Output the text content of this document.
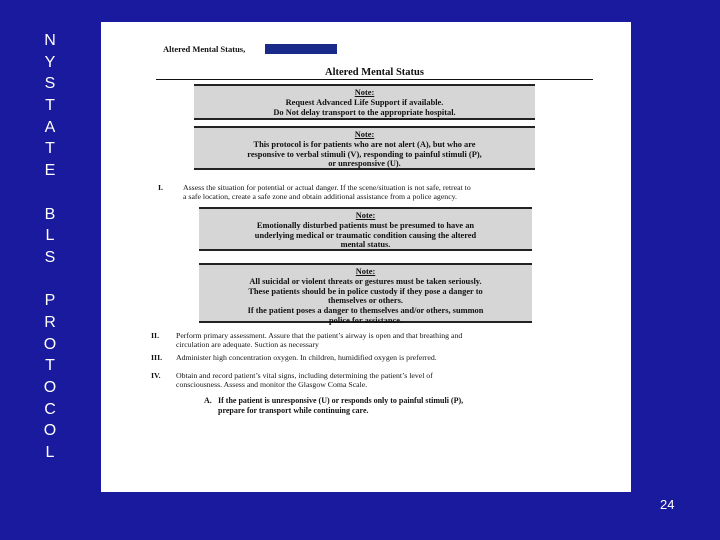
N
Y
S
T
A
T
E
B
L
S
P
R
O
T
O
C
O
L
Altered Mental Status,
Altered Mental Status
Note:
Request Advanced Life Support if available.
Do Not delay transport to the appropriate hospital.
Note:
This protocol is for patients who are not alert (A), but who are
responsive to verbal stimuli (V), responding to painful stimuli (P),
or unresponsive (U).
I.	Assess the situation for potential or actual danger. If the scene/situation is not safe, retreat to
a safe location, create a safe zone and obtain additional assistance from a police agency.
Note:
Emotionally disturbed patients must be presumed to have an
underlying medical or traumatic condition causing the altered
mental status.
Note:
All suicidal or violent threats or gestures must be taken seriously.
These patients should be in police custody if they pose a danger to
themselves or others.
If the patient poses a danger to themselves and/or others, summon
police for assistance.
II. Perform primary assessment. Assure that the patient’s airway is open and that breathing and
circulation are adequate. Suction as necessary
III. Administer high concentration oxygen. In children, humidified oxygen is preferred.
IV. Obtain and record patient’s vital signs, including determining the patient’s level of
consciousness. Assess and monitor the Glasgow Coma Scale.
A. If the patient is unresponsive (U) or responds only to painful stimuli (P),
prepare for transport while continuing care.
24
